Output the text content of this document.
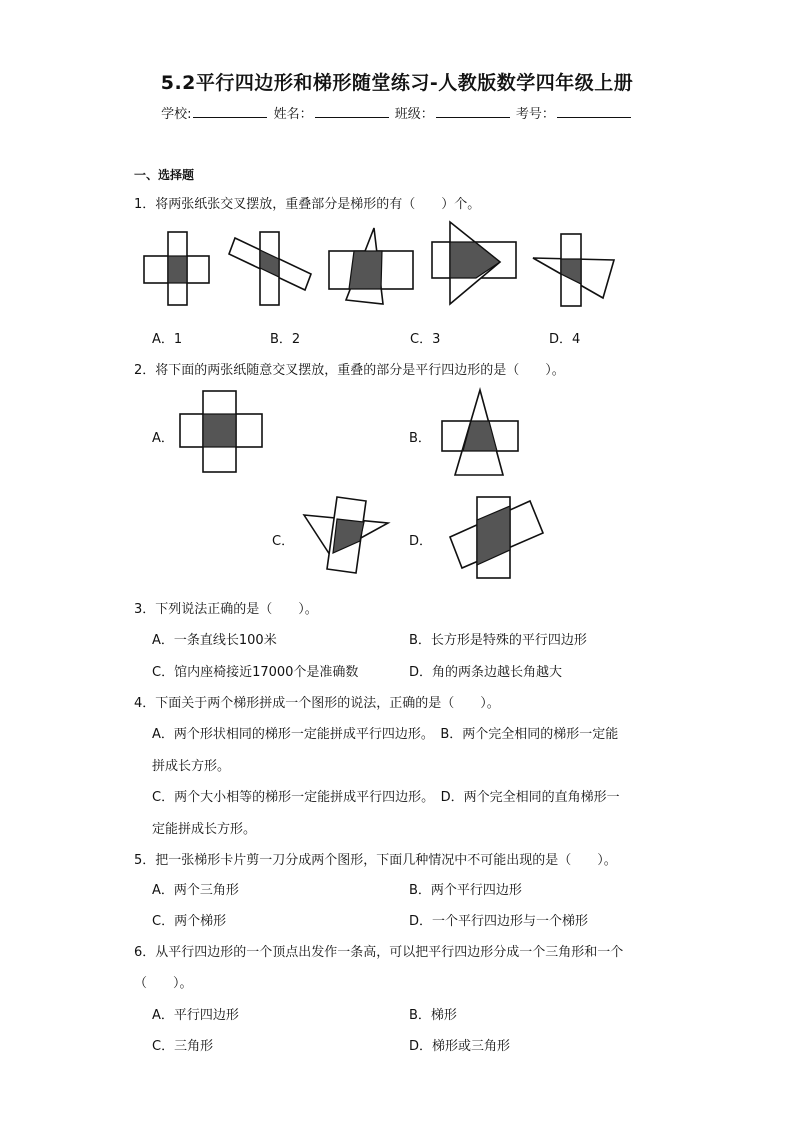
5.2平行四边形和梯形随堂练习-人教版数学四年级上册
学校:	姓名：	班级：	考号：
一、选择题
1．将两张纸张交叉摆放，重叠部分是梯形的有（　　）个。
A．1	B．2	C．3	D．4
2．将下面的两张纸随意交叉摆放，重叠的部分是平行四边形的是（　　）。
A．	B．
C．	D．
3．下列说法正确的是（　　）。
A．一条直线长100米	B．长方形是特殊的平行四边形
C．馆内座椅接近17000个是准确数	D．角的两条边越长角越大
4．下面关于两个梯形拼成一个图形的说法，正确的是（　　）。
A．两个形状相同的梯形一定能拼成平行四边形。　B．两个完全相同的梯形一定能
拼成长方形。
C．两个大小相等的梯形一定能拼成平行四边形。　D．两个完全相同的直角梯形一
定能拼成长方形。
5．把一张梯形卡片剪一刀分成两个图形，下面几种情况中不可能出现的是（　　）。
A．两个三角形	B．两个平行四边形
C．两个梯形	D．一个平行四边形与一个梯形
6．从平行四边形的一个顶点出发作一条高，可以把平行四边形分成一个三角形和一个
（　　）。
A．平行四边形	B．梯形
C．三角形	D．梯形或三角形
